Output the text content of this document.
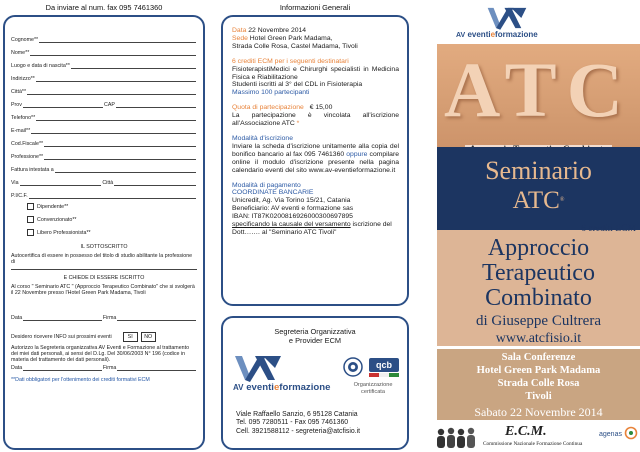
Da inviare al num. fax 095 7461360	Informazioni Generali
Cognome**
Nome**
Luogo e data di nascita**
Indirizzo**
Città**
Prov	CAP
Telefono**
E-mail**
Cod.Fiscale**
Professione**
Fattura intestata a
Via	Città
P.I/C.F.
Dipendente**
Convenzionato**
Libero Professionista**
IL SOTTOSCRITTO
Autocertifica di essere in possesso del titolo di studio abilitante la professione di
E CHIEDE DI ESSERE ISCRITTO
Al corso " Seminario ATC " (Approccio Terapeutico Combinato" che si svolgerà il 22 Novembre presso l'Hotel Green Park Madama, Tivoli
Data	Firma
Desidero ricevere INFO sui prossimi eventi	SI	NO
Autorizzo la Segreteria organizzativa AV Eventi e Formazione al trattamento dei miei dati personali, ai sensi del D.Lg. Del 30/06/2003 N° 196 (codice in materia del trattamento dei dati personali).
Data	Firma
**Dati obbligatori per l'ottenimento dei crediti formativi ECM
Data 22 Novembre 2014
Sede Hotel Green Park Madama,
Strada Colle Rosa, Castel Madama, Tivoli
6 crediti ECM per i seguenti destinatari
FisioterapistiMedici e Chirurghi specialisti in Medicina Fisica e Riabilitazione
Studenti iscritti al 3° del CDL in Fisioterapia
Massimo 100 partecipanti
Quota di partecipazione € 15,00
La partecipazione è vincolata all'iscrizione all'Associazione ATC *
Modalità d'iscrizione
Inviare la scheda d'iscrizione unitamente alla copia del bonifico bancario al fax 095 7461360 oppure compilare online il modulo d'iscrizione presente nella pagina calendario eventi del sito www.av-eventieformazione.it
Modalità di pagamento
COORDINATE BANCARIE
Unicredit, Ag. Via Torino 15/21, Catania
Beneficiario: AV eventi e formazione sas
IBAN: IT87K0200816926000300697895
specificando la causale del versamento iscrizione del Dott……. al "Seminario ATC Tivoli"
Segreteria Organizzativa
e Provider ECM
AV eventieformazione
qcb
Organizzazione certificata
Viale Raffaello Sanzio, 6 95128 Catania
Tel. 095 7280511 - Fax 095 7461360
Cell. 3921588112 - segreteria@atcfisio.it
AV eventieformazione
ATC
Seminario
ATC®
6 crediti ECM
Approccio
Terapeutico
Combinato
di Giuseppe Cultrera
www.atcfisio.it
Sala Conferenze
Hotel Green Park Madama
Strada Colle Rosa
Tivoli
Sabato 22 Novembre 2014
E.C.M.
Commissione Nazionale Formazione Continua
agenas
